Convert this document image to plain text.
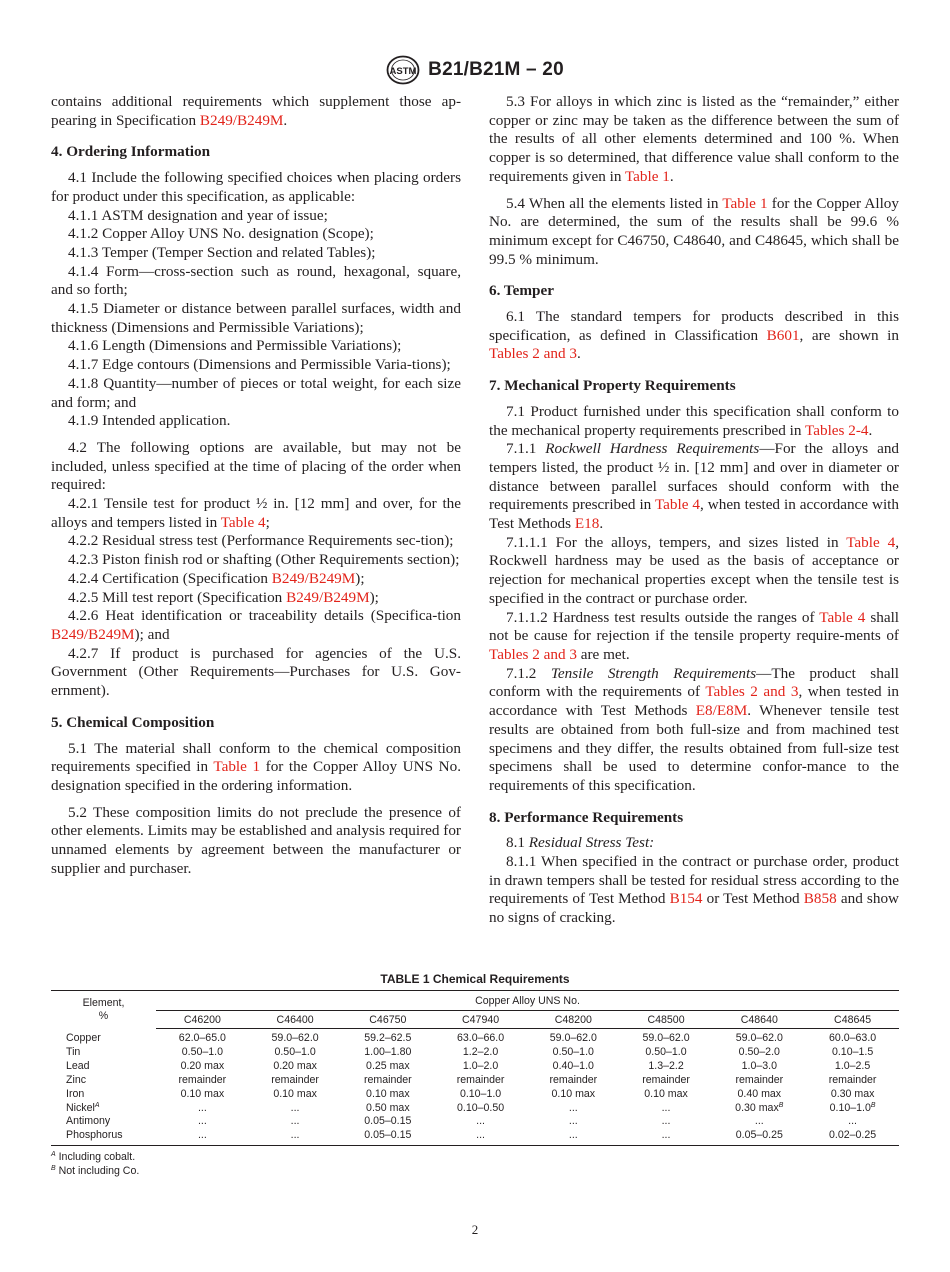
ASTM B21/B21M – 20

contains additional requirements which supplement those ap-pearing in Specification B249/B249M.

4. Ordering Information

4.1 Include the following specified choices when placing orders for product under this specification, as applicable:

4.1.1 ASTM designation and year of issue;

4.1.2 Copper Alloy UNS No. designation (Scope);

4.1.3 Temper (Temper Section and related Tables);

4.1.4 Form—cross-section such as round, hexagonal, square, and so forth;

4.1.5 Diameter or distance between parallel surfaces, width and thickness (Dimensions and Permissible Variations);

4.1.6 Length (Dimensions and Permissible Variations);

4.1.7 Edge contours (Dimensions and Permissible Varia-tions);

4.1.8 Quantity—number of pieces or total weight, for each size and form; and

4.1.9 Intended application.

4.2 The following options are available, but may not be included, unless specified at the time of placing of the order when required:

4.2.1 Tensile test for product ½ in. [12 mm] and over, for the alloys and tempers listed in Table 4;

4.2.2 Residual stress test (Performance Requirements sec-tion);

4.2.3 Piston finish rod or shafting (Other Requirements section);

4.2.4 Certification (Specification B249/B249M);

4.2.5 Mill test report (Specification B249/B249M);

4.2.6 Heat identification or traceability details (Specifica-tion B249/B249M); and

4.2.7 If product is purchased for agencies of the U.S. Government (Other Requirements—Purchases for U.S. Gov-ernment).

5. Chemical Composition

5.1 The material shall conform to the chemical composition requirements specified in Table 1 for the Copper Alloy UNS No. designation specified in the ordering information.

5.2 These composition limits do not preclude the presence of other elements. Limits may be established and analysis required for unnamed elements by agreement between the manufacturer or supplier and purchaser.

5.3 For alloys in which zinc is listed as the “remainder,” either copper or zinc may be taken as the difference between the sum of the results of all other elements determined and 100 %. When copper is so determined, that difference value shall conform to the requirements given in Table 1.

5.4 When all the elements listed in Table 1 for the Copper Alloy No. are determined, the sum of the results shall be 99.6 % minimum except for C46750, C48640, and C48645, which shall be 99.5 % minimum.

6. Temper

6.1 The standard tempers for products described in this specification, as defined in Classification B601, are shown in Tables 2 and 3.

7. Mechanical Property Requirements

7.1 Product furnished under this specification shall conform to the mechanical property requirements prescribed in Tables 2-4.

7.1.1 Rockwell Hardness Requirements—For the alloys and tempers listed, the product ½ in. [12 mm] and over in diameter or distance between parallel surfaces should conform with the requirements prescribed in Table 4, when tested in accordance with Test Methods E18.

7.1.1.1 For the alloys, tempers, and sizes listed in Table 4, Rockwell hardness may be used as the basis of acceptance or rejection for mechanical properties except when the tensile test is specified in the contract or purchase order.

7.1.1.2 Hardness test results outside the ranges of Table 4 shall not be cause for rejection if the tensile property require-ments of Tables 2 and 3 are met.

7.1.2 Tensile Strength Requirements—The product shall conform with the requirements of Tables 2 and 3, when tested in accordance with Test Methods E8/E8M. Whenever tensile test results are obtained from both full-size and from machined test specimens and they differ, the results obtained from full-size test specimens shall be used to determine confor-mance to the requirements of this specification.

8. Performance Requirements

8.1 Residual Stress Test:

8.1.1 When specified in the contract or purchase order, product in drawn tempers shall be tested for residual stress according to the requirements of Test Method B154 or Test Method B858 and show no signs of cracking.

TABLE 1 Chemical Requirements
Element,
%	Copper Alloy UNS No.							
	C46200	C46400	C46750	C47940	C48200	C48500	C48640	C48645
Copper	62.0–65.0	59.0–62.0	59.2–62.5	63.0–66.0	59.0–62.0	59.0–62.0	59.0–62.0	60.0–63.0
Tin	0.50–1.0	0.50–1.0	1.00–1.80	1.2–2.0	0.50–1.0	0.50–1.0	0.50–2.0	0.10–1.5
Lead	0.20 max	0.20 max	0.25 max	1.0–2.0	0.40–1.0	1.3–2.2	1.0–3.0	1.0–2.5
Zinc	remainder	remainder	remainder	remainder	remainder	remainder	remainder	remainder
Iron	0.10 max	0.10 max	0.10 max	0.10–1.0	0.10 max	0.10 max	0.40 max	0.30 max
Nickel$^A$	...	...	0.50 max	0.10–0.50	...	...	0.30 $\max^B$	$0.10-1.0^B$
Antimony	...	...	0.05–0.15	...	...	...	...	...
Phosphorus	...	...	0.05–0.15	...	...	...	0.05–0.25	0.02–0.25
$^A$ Including cobalt.
$^B$ Not including Co.
2
